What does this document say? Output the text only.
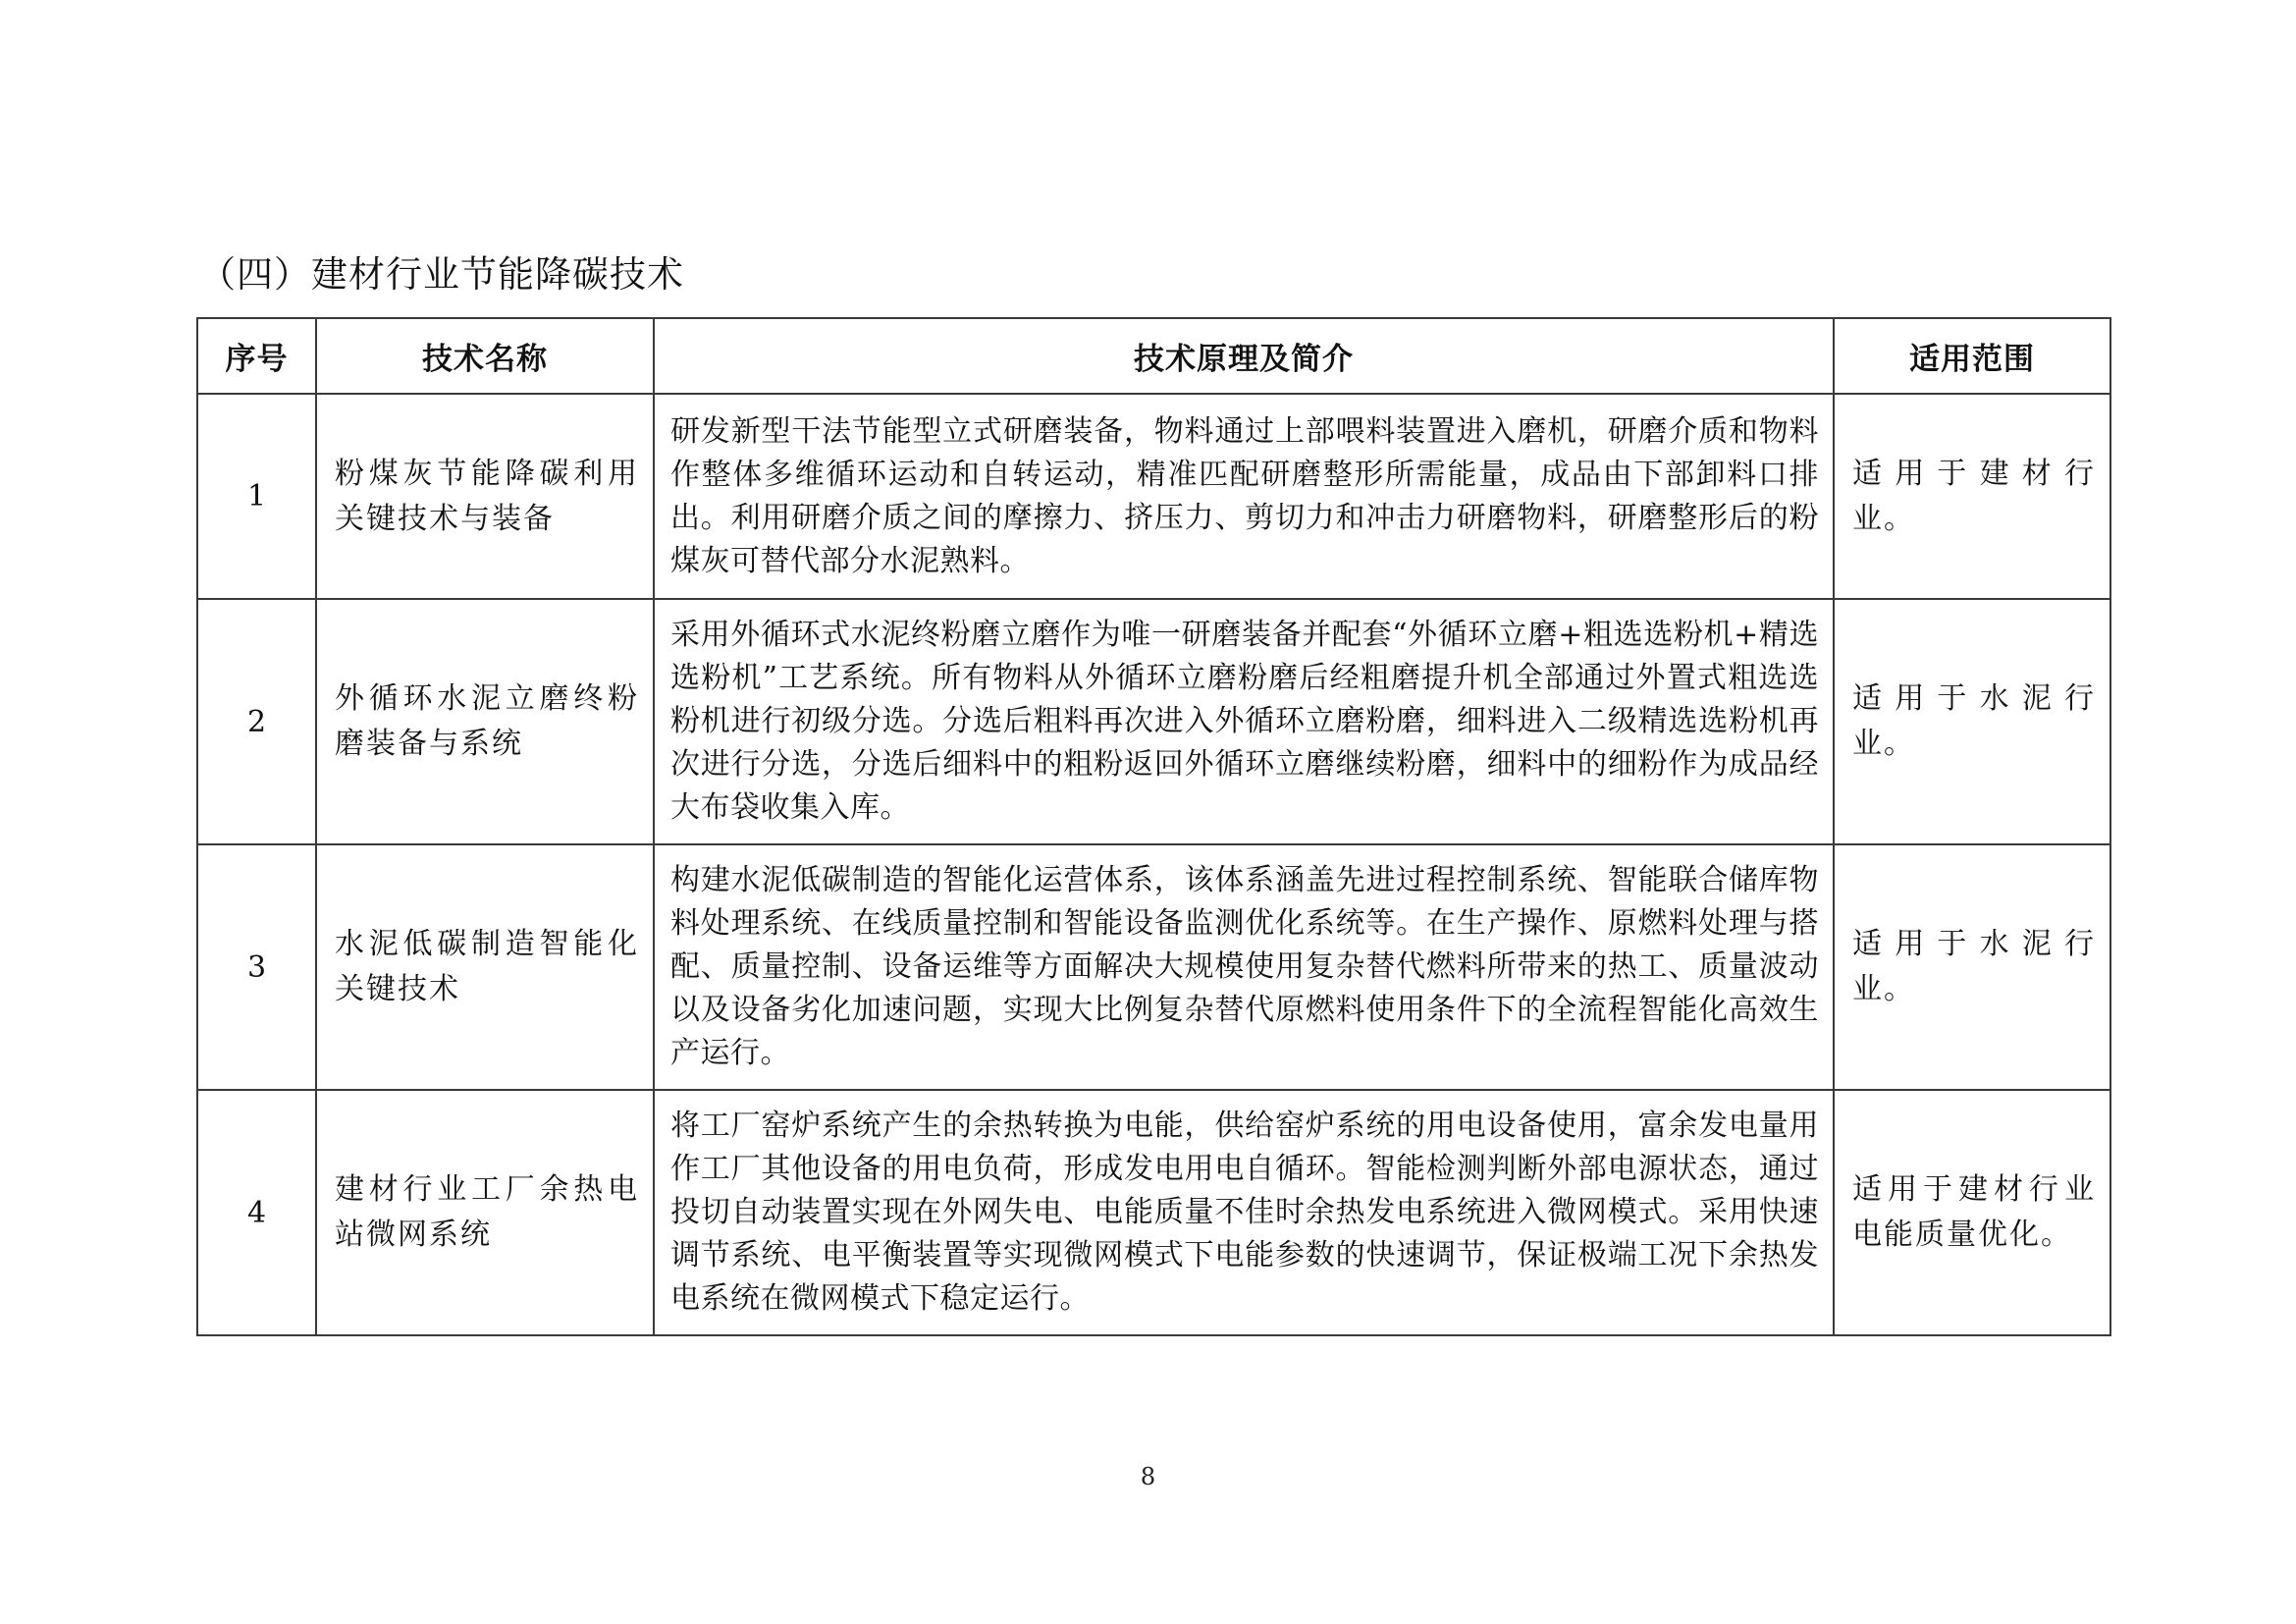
（四）建材行业节能降碳技术
序号	技术名称	技术原理及简介	适用范围
1	粉煤灰节能降碳利用关键技术与装备	研发新型干法节能型立式研磨装备，物料通过上部喂料装置进入磨机，研磨介质和物料作整体多维循环运动和自转运动，精准匹配研磨整形所需能量，成品由下部卸料口排出。利用研磨介质之间的摩擦力、挤压力、剪切力和冲击力研磨物料，研磨整形后的粉煤灰可替代部分水泥熟料。	适用于建材行业。
2	外循环水泥立磨终粉磨装备与系统	采用外循环式水泥终粉磨立磨作为唯一研磨装备并配套“外循环立磨+粗选选粉机+精选选粉机”工艺系统。所有物料从外循环立磨粉磨后经粗磨提升机全部通过外置式粗选选粉机进行初级分选。分选后粗料再次进入外循环立磨粉磨，细料进入二级精选选粉机再次进行分选，分选后细料中的粗粉返回外循环立磨继续粉磨，细料中的细粉作为成品经大布袋收集入库。	适用于水泥行业。
3	水泥低碳制造智能化关键技术	构建水泥低碳制造的智能化运营体系，该体系涵盖先进过程控制系统、智能联合储库物料处理系统、在线质量控制和智能设备监测优化系统等。在生产操作、原燃料处理与搭配、质量控制、设备运维等方面解决大规模使用复杂替代燃料所带来的热工、质量波动以及设备劣化加速问题，实现大比例复杂替代原燃料使用条件下的全流程智能化高效生产运行。	适用于水泥行业。
4	建材行业工厂余热电站微网系统	将工厂窑炉系统产生的余热转换为电能，供给窑炉系统的用电设备使用，富余发电量用作工厂其他设备的用电负荷，形成发电用电自循环。智能检测判断外部电源状态，通过投切自动装置实现在外网失电、电能质量不佳时余热发电系统进入微网模式。采用快速调节系统、电平衡装置等实现微网模式下电能参数的快速调节，保证极端工况下余热发电系统在微网模式下稳定运行。	适用于建材行业电能质量优化。
8
